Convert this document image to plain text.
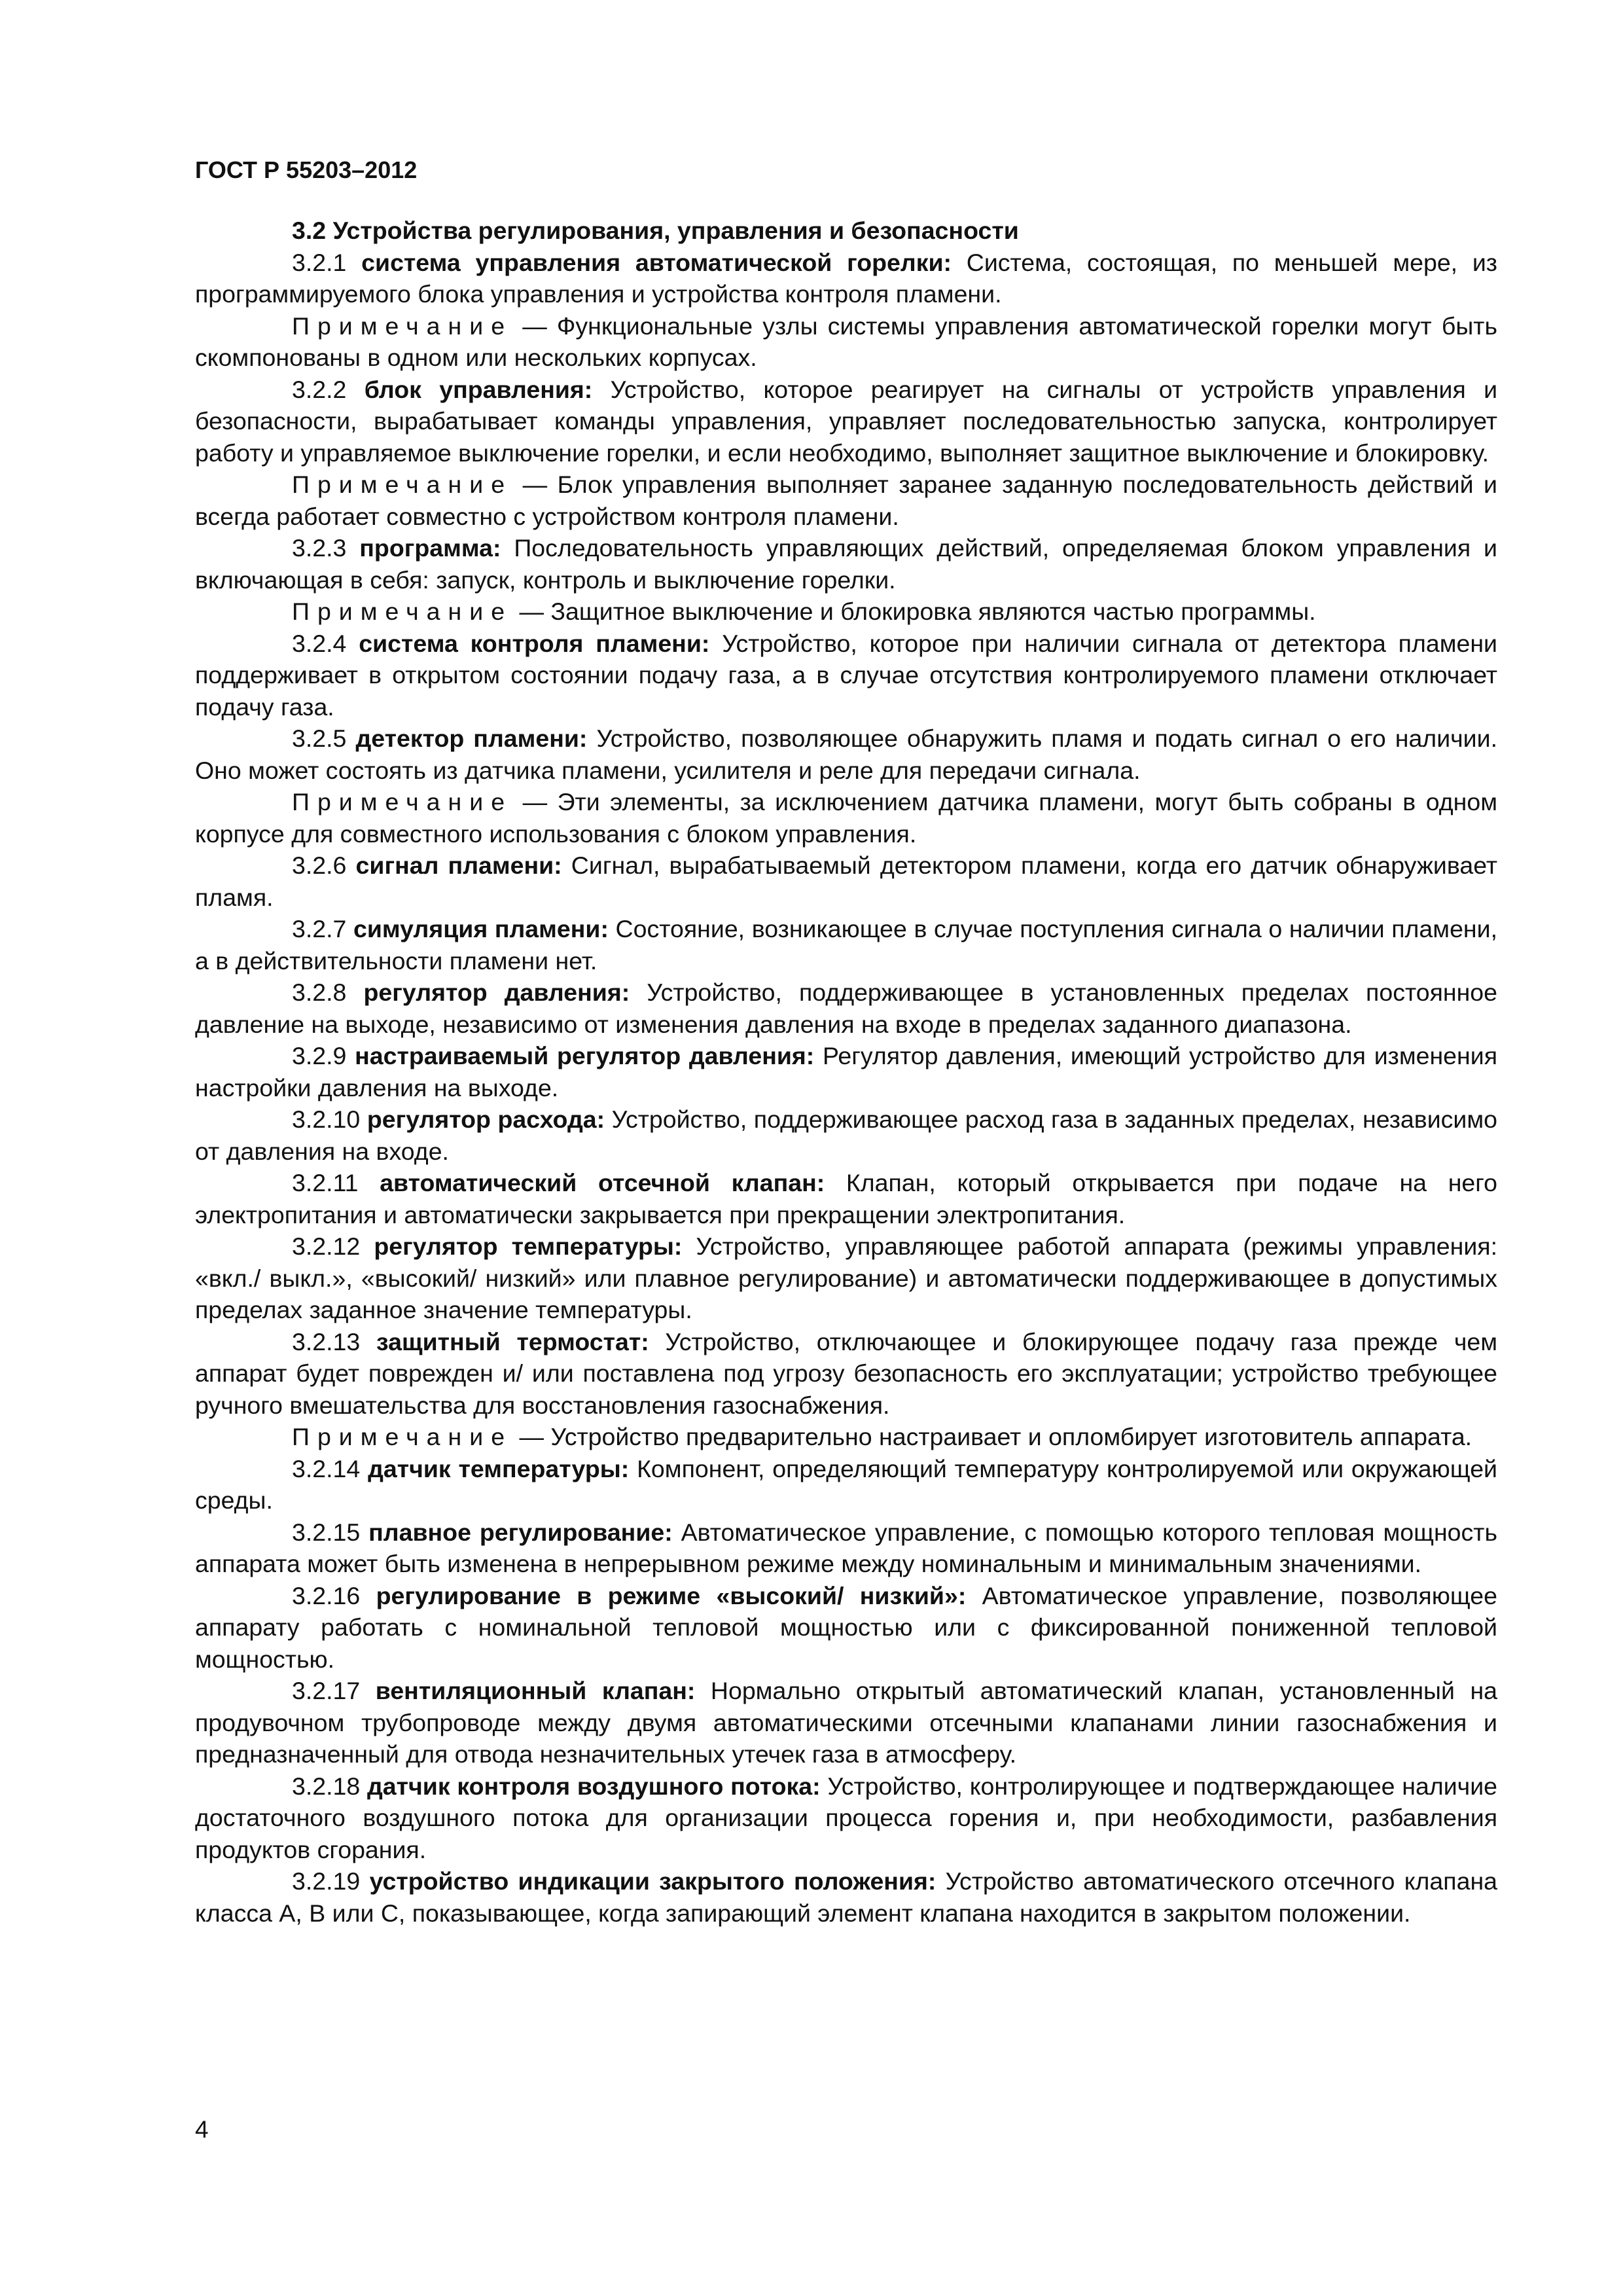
ГОСТ Р 55203–2012

3.2 Устройства регулирования, управления и безопасности

3.2.1 система управления автоматической горелки: Система, состоящая, по меньшей мере, из программируемого блока управления и устройства контроля пламени.

Примечание — Функциональные узлы системы управления автоматической горелки могут быть скомпонованы в одном или нескольких корпусах.

3.2.2 блок управления: Устройство, которое реагирует на сигналы от устройств управления и безопасности, вырабатывает команды управления, управляет последовательностью запуска, контролирует работу и управляемое выключение горелки, и если необходимо, выполняет защитное выключение и блокировку.

Примечание — Блок управления выполняет заранее заданную последовательность действий и всегда работает совместно с устройством контроля пламени.

3.2.3 программа: Последовательность управляющих действий, определяемая блоком управления и включающая в себя: запуск, контроль и выключение горелки.

Примечание — Защитное выключение и блокировка являются частью программы.

3.2.4 система контроля пламени: Устройство, которое при наличии сигнала от детектора пламени поддерживает в открытом состоянии подачу газа, а в случае отсутствия контролируемого пламени отключает подачу газа.

3.2.5 детектор пламени: Устройство, позволяющее обнаружить пламя и подать сигнал о его наличии. Оно может состоять из датчика пламени, усилителя и реле для передачи сигнала.

Примечание — Эти элементы, за исключением датчика пламени, могут быть собраны в одном корпусе для совместного использования с блоком управления.

3.2.6 сигнал пламени: Сигнал, вырабатываемый детектором пламени, когда его датчик обнаруживает пламя.

3.2.7 симуляция пламени: Состояние, возникающее в случае поступления сигнала о наличии пламени, а в действительности пламени нет.

3.2.8 регулятор давления: Устройство, поддерживающее в установленных пределах постоянное давление на выходе, независимо от изменения давления на входе в пределах заданного диапазона.

3.2.9 настраиваемый регулятор давления: Регулятор давления, имеющий устройство для изменения настройки давления на выходе.

3.2.10 регулятор расхода: Устройство, поддерживающее расход газа в заданных пределах, независимо от давления на входе.

3.2.11 автоматический отсечной клапан: Клапан, который открывается при подаче на него электропитания и автоматически закрывается при прекращении электропитания.

3.2.12 регулятор температуры: Устройство, управляющее работой аппарата (режимы управления: «вкл./ выкл.», «высокий/ низкий» или плавное регулирование) и автоматически поддерживающее в допустимых пределах заданное значение температуры.

3.2.13 защитный термостат: Устройство, отключающее и блокирующее подачу газа прежде чем аппарат будет поврежден и/ или поставлена под угрозу безопасность его эксплуатации; устройство требующее ручного вмешательства для восстановления газоснабжения.

Примечание — Устройство предварительно настраивает и опломбирует изготовитель аппарата.

3.2.14 датчик температуры: Компонент, определяющий температуру контролируемой или окружающей среды.

3.2.15 плавное регулирование: Автоматическое управление, с помощью которого тепловая мощность аппарата может быть изменена в непрерывном режиме между номинальным и минимальным значениями.

3.2.16 регулирование в режиме «высокий/ низкий»: Автоматическое управление, позволяющее аппарату работать с номинальной тепловой мощностью или с фиксированной пониженной тепловой мощностью.

3.2.17 вентиляционный клапан: Нормально открытый автоматический клапан, установленный на продувочном трубопроводе между двумя автоматическими отсечными клапанами линии газоснабжения и предназначенный для отвода незначительных утечек газа в атмосферу.

3.2.18 датчик контроля воздушного потока: Устройство, контролирующее и подтверждающее наличие достаточного воздушного потока для организации процесса горения и, при необходимости, разбавления продуктов сгорания.

3.2.19 устройство индикации закрытого положения: Устройство автоматического отсечного клапана класса А, В или С, показывающее, когда запирающий элемент клапана находится в закрытом положении.

4
